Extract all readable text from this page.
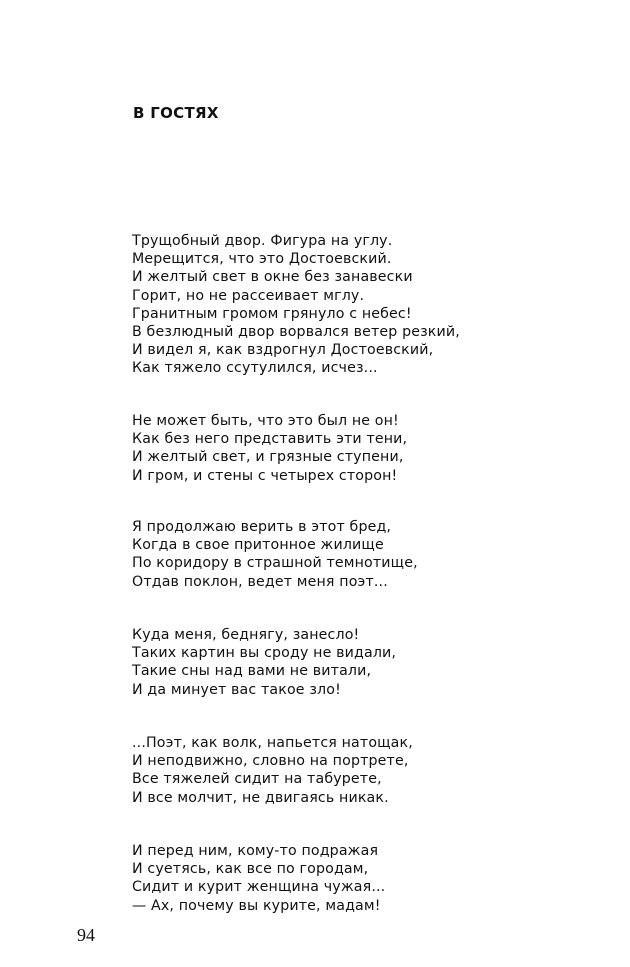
В ГОСТЯХ
Трущобный двор. Фигура на углу.
Мерещится, что это Достоевский.
И желтый свет в окне без занавески
Горит, но не рассеивает мглу.
Гранитным громом грянуло с небес!
В безлюдный двор ворвался ветер резкий,
И видел я, как вздрогнул Достоевский,
Как тяжело ссутулился, исчез...
Не может быть, что это был не он!
Как без него представить эти тени,
И желтый свет, и грязные ступени,
И гром, и стены с четырех сторон!
Я продолжаю верить в этот бред,
Когда в свое притонное жилище
По коридору в страшной темнотище,
Отдав поклон, ведет меня поэт...
Куда меня, беднягу, занесло!
Таких картин вы сроду не видали,
Такие сны над вами не витали,
И да минует вас такое зло!
...Поэт, как волк, напьется натощак,
И неподвижно, словно на портрете,
Все тяжелей сидит на табурете,
И все молчит, не двигаясь никак.
И перед ним, кому-то подражая
И суетясь, как все по городам,
Сидит и курит женщина чужая...
— Ах, почему вы курите, мадам!
94
